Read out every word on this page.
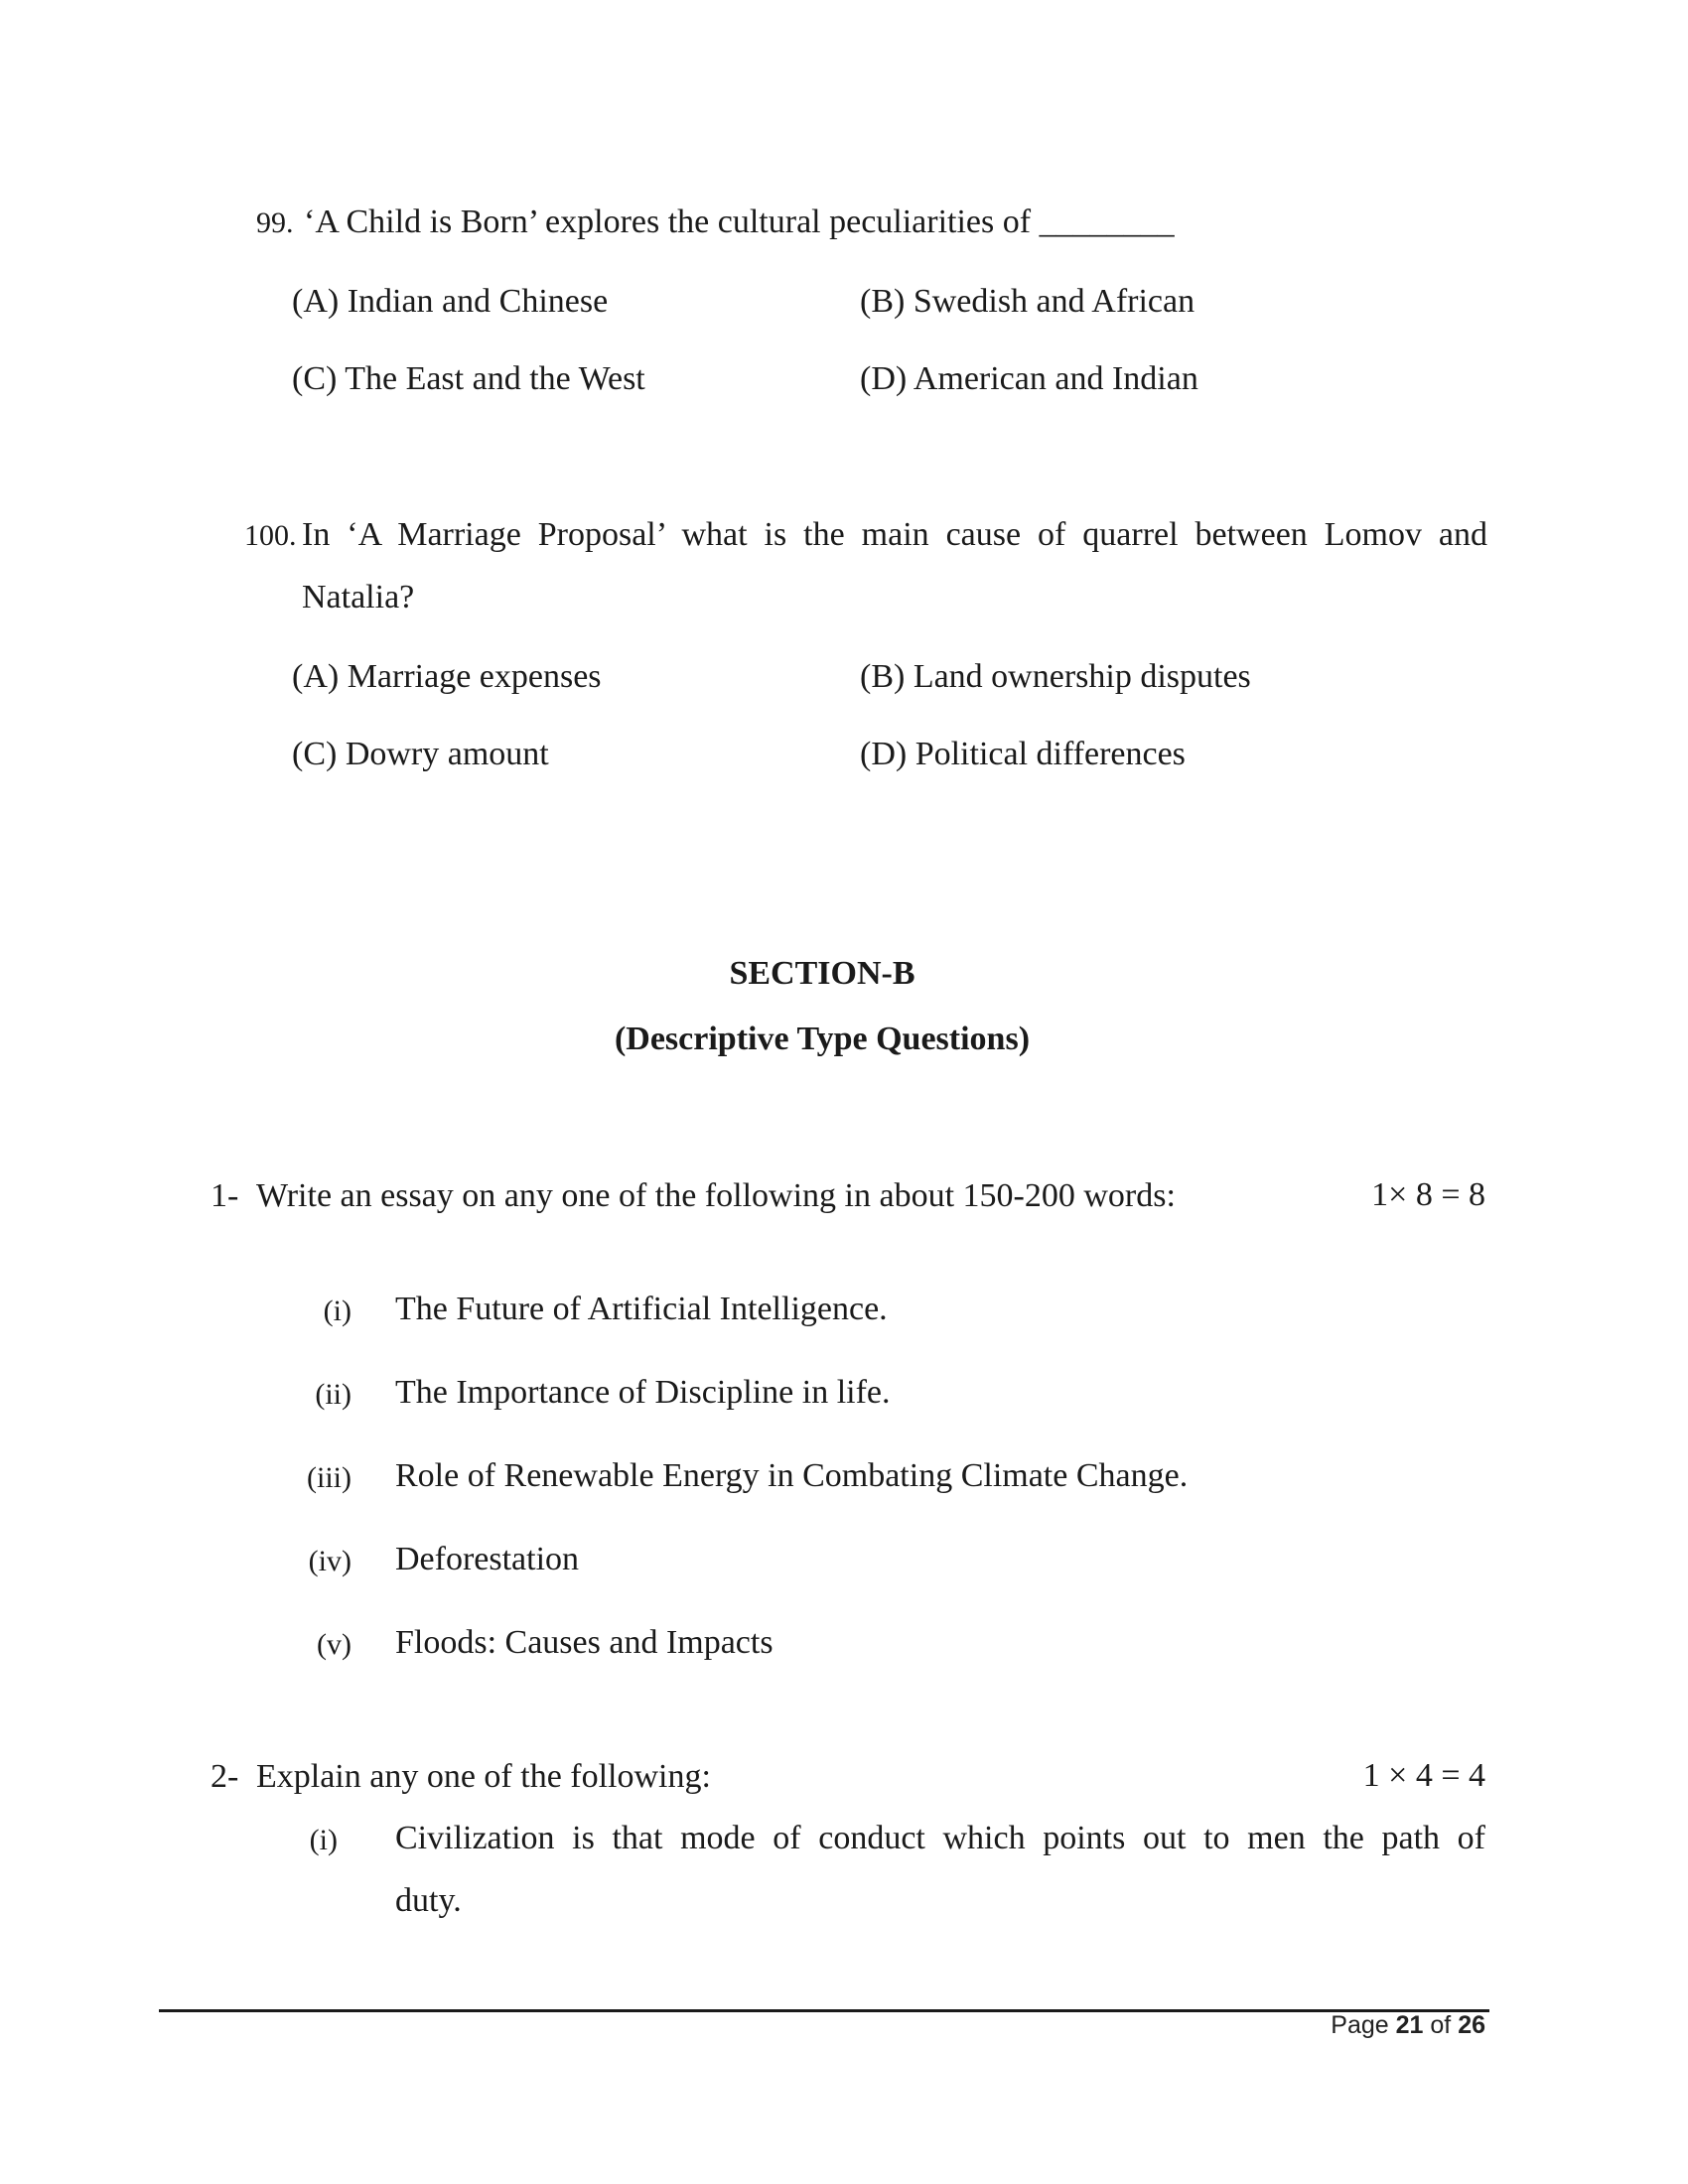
99. ‘A Child is Born’ explores the cultural peculiarities of ________
(A) Indian and Chinese	(B) Swedish and African
(C) The East and the West	(D) American and Indian
100. In ‘A Marriage Proposal’ what is the main cause of quarrel between Lomov and
Natalia?
(A) Marriage expenses	(B) Land ownership disputes
(C) Dowry amount	(D) Political differences
SECTION-B
(Descriptive Type Questions)
1- Write an essay on any one of the following in about 150-200 words:	1× 8 = 8
(i) The Future of Artificial Intelligence.
(ii) The Importance of Discipline in life.
(iii) Role of Renewable Energy in Combating Climate Change.
(iv) Deforestation
(v) Floods: Causes and Impacts
2- Explain any one of the following:	1 × 4 = 4
(i) Civilization is that mode of conduct which points out to men the path of
duty.
Page 21 of 26
